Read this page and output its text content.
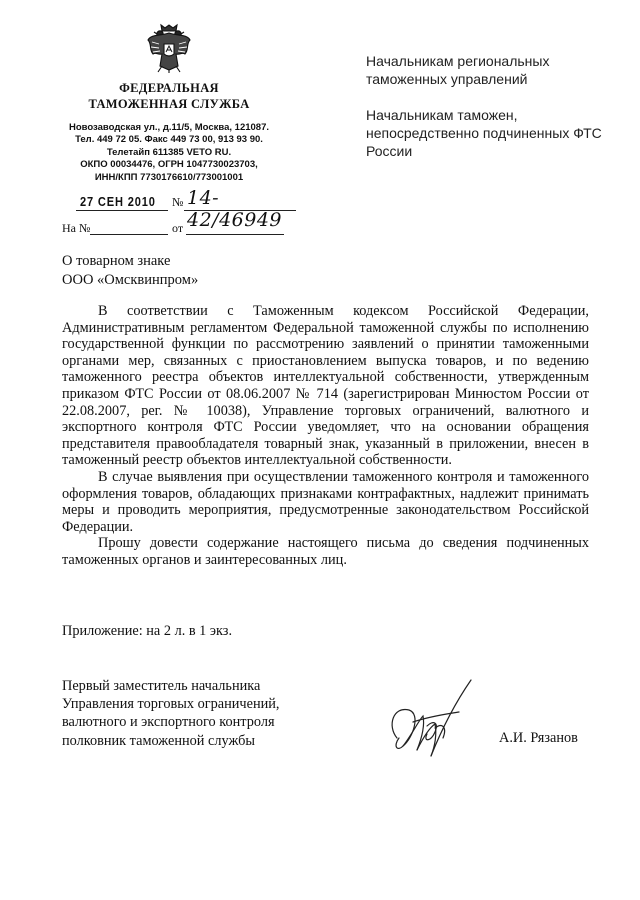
ФЕДЕРАЛЬНАЯ
ТАМОЖЕННАЯ СЛУЖБА
Новозаводская ул., д.11/5, Москва, 121087.
Тел. 449 72 05. Факс 449 73 00, 913 93 90.
Телетайп 611385 VETO RU.
ОКПО 00034476, ОГРН 1047730023703,
ИНН/КПП 7730176610/773001001
27 СЕН 2010 № 14-42/46949
На №	от

Начальникам региональных таможенных управлений

Начальникам таможен, непосредственно подчиненных ФТС России

О товарном знаке
ООО «Омсквинпром»

В соответствии с Таможенным кодексом Российской Федерации, Административным регламентом Федеральной таможенной службы по исполнению государственной функции по рассмотрению заявлений о принятии таможенными органами мер, связанных с приостановлением выпуска товаров, и по ведению таможенного реестра объектов интеллектуальной собственности, утвержденным приказом ФТС России от 08.06.2007 № 714 (зарегистрирован Минюстом России от 22.08.2007, рег. № 10038), Управление торговых ограничений, валютного и экспортного контроля ФТС России уведомляет, что на основании обращения представителя правообладателя товарный знак, указанный в приложении, внесен в таможенный реестр объектов интеллектуальной собственности.

В случае выявления при осуществлении таможенного контроля и таможенного оформления товаров, обладающих признаками контрафактных, надлежит принимать меры и проводить мероприятия, предусмотренные законодательством Российской Федерации.

Прошу довести содержание настоящего письма до сведения подчиненных таможенных органов и заинтересованных лиц.

Приложение: на 2 л. в 1 экз.
Первый заместитель начальника
Управления торговых ограничений,
валютного и экспортного контроля
полковник таможенной службы	А.И. Рязанов
